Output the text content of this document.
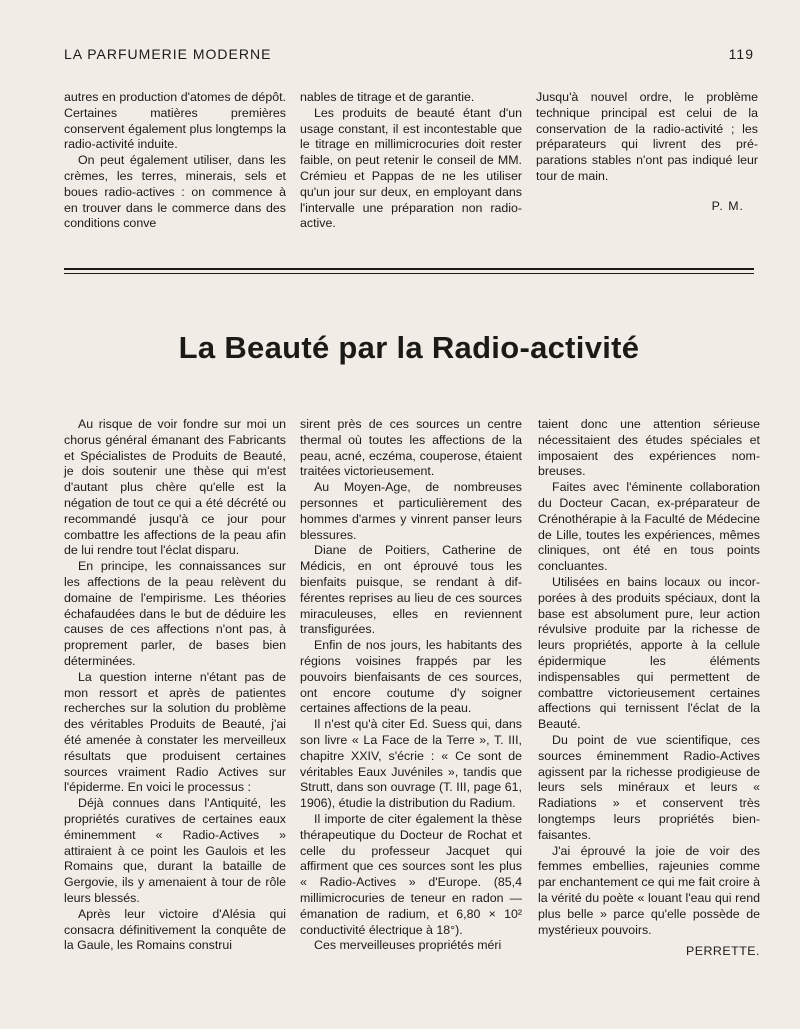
LA PARFUMERIE MODERNE	119

autres en production d'atomes de dépôt. Certaines matières premières conservent également plus longtemps la radio-activité induite.

On peut également utiliser, dans les crèmes, les terres, minerais, sels et boues radio-actives : on commence à en trouver dans le commerce dans des conditions conve

nables de titrage et de garantie.

Les produits de beauté étant d'un usage constant, il est incontestable que le titrage en millimicrocuries doit rester faible, on peut retenir le conseil de MM. Crémieu et Pappas de ne les utiliser qu'un jour sur deux, en employant dans l'intervalle une préparation non radio-active.

Jusqu'à nouvel ordre, le problème technique principal est celui de la conservation de la radio-activité ; les préparateurs qui livrent des préparations stables n'ont pas indiqué leur tour de main.

P. M.

La Beauté par la Radio-activité

Au risque de voir fondre sur moi un chorus général émanant des Fabricants et Spécialistes de Produits de Beauté, je dois soutenir une thèse qui m'est d'autant plus chère qu'elle est la négation de tout ce qui a été décrété ou recommandé jusqu'à ce jour pour combattre les affections de la peau afin de lui rendre tout l'éclat disparu.

En principe, les connaissances sur les affections de la peau relèvent du domaine de l'empirisme. Les théories échafaudées dans le but de déduire les causes de ces affections n'ont pas, à proprement parler, de bases bien déterminées.

La question interne n'étant pas de mon ressort et après de patientes recherches sur la solution du problème des véritables Produits de Beauté, j'ai été amenée à constater les merveilleux résultats que produisent certaines sources vraiment Radio Actives sur l'épiderme. En voici le processus :

Déjà connues dans l'Antiquité, les propriétés curatives de certaines eaux éminemment « Radio-Actives » attiraient à ce point les Gaulois et les Romains que, durant la bataille de Gergovie, ils y amenaient à tour de rôle leurs blessés.

Après leur victoire d'Alésia qui consacra définitivement la conquête de la Gaule, les Romains construi

sirent près de ces sources un centre thermal où toutes les affections de la peau, acné, eczéma, couperose, étaient traitées victorieusement.

Au Moyen-Age, de nombreuses personnes et particulièrement des hommes d'armes y vinrent panser leurs blessures.

Diane de Poitiers, Catherine de Médicis, en ont éprouvé tous les bienfaits puisque, se rendant à différentes reprises au lieu de ces sources miraculeuses, elles en reviennent transfigurées.

Enfin de nos jours, les habitants des régions voisines frappés par les pouvoirs bienfaisants de ces sources, ont encore coutume d'y soigner certaines affections de la peau.

Il n'est qu'à citer Ed. Suess qui, dans son livre « La Face de la Terre », T. III, chapitre XXIV, s'écrie : « Ce sont de véritables Eaux Juvéniles », tandis que Strutt, dans son ouvrage (T. III, page 61, 1906), étudie la distribution du Radium.

Il importe de citer également la thèse thérapeutique du Docteur de Rochat et celle du professeur Jacquet qui affirment que ces sources sont les plus « Radio-Actives » d'Europe. (85,4 millimicrocuries de teneur en radon — émanation de radium, et 6,80 × 10² conductivité électrique à 18°).

Ces merveilleuses propriétés méri

taient donc une attention sérieuse nécessitaient des études spéciales et imposaient des expériences nombreuses.

Faites avec l'éminente collaboration du Docteur Cacan, ex-préparateur de Crénothérapie à la Faculté de Médecine de Lille, toutes les expériences, mêmes cliniques, ont été en tous points concluantes.

Utilisées en bains locaux ou incorporées à des produits spéciaux, dont la base est absolument pure, leur action révulsive produite par la richesse de leurs propriétés, apporte à la cellule épidermique les éléments indispensables qui permettent de combattre victorieusement certaines affections qui ternissent l'éclat de la Beauté.

Du point de vue scientifique, ces sources éminemment Radio-Actives agissent par la richesse prodigieuse de leurs sels minéraux et leurs « Radiations » et conservent très longtemps leurs propriétés bienfaisantes.

J'ai éprouvé la joie de voir des femmes embellies, rajeunies comme par enchantement ce qui me fait croire à la vérité du poète « louant l'eau qui rend plus belle » parce qu'elle possède de mystérieux pouvoirs.

PERRETTE.
